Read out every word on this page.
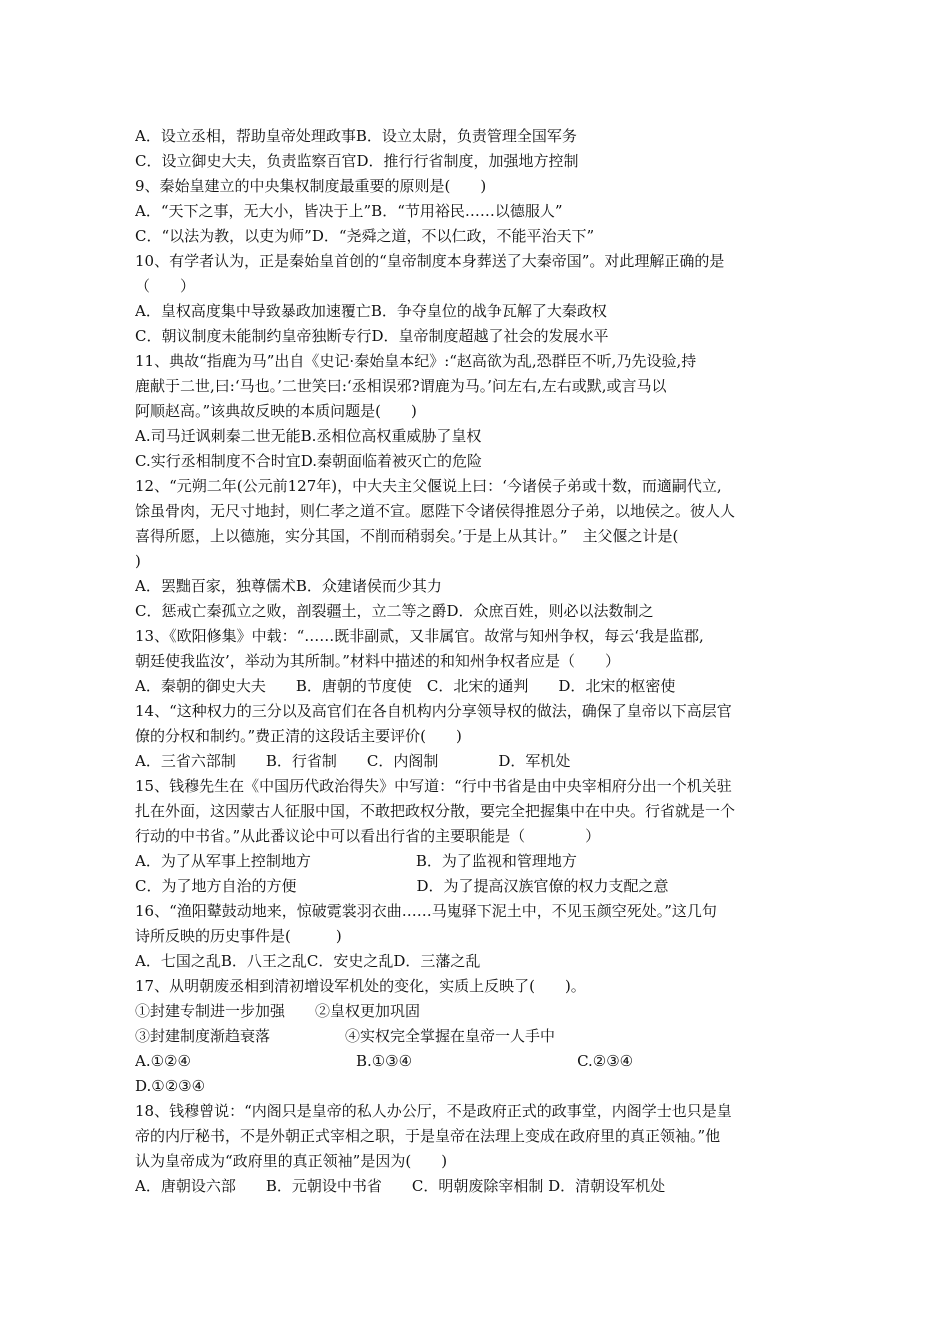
A．设立丞相，帮助皇帝处理政事B．设立太尉，负责管理全国军务
C．设立御史大夫，负责监察百官D．推行行省制度，加强地方控制
9、秦始皇建立的中央集权制度最重要的原则是(　　)
A．“天下之事，无大小，皆决于上”B．“节用裕民……以德服人”
C．“以法为教，以吏为师”D．“尧舜之道，不以仁政，不能平治天下”
10、有学者认为，正是秦始皇首创的“皇帝制度本身葬送了大秦帝国”。对此理解正确的是
（　　）
A．皇权高度集中导致暴政加速覆亡B．争夺皇位的战争瓦解了大秦政权
C．朝议制度未能制约皇帝独断专行D．皇帝制度超越了社会的发展水平
11、典故“指鹿为马”出自《史记·秦始皇本纪》:“赵高欲为乱,恐群臣不听,乃先设验,持
鹿献于二世,曰:‘马也。’二世笑曰:‘丞相误邪?谓鹿为马。’问左右,左右或默,或言马以
阿顺赵高。”该典故反映的本质问题是(　　)
A.司马迁讽刺秦二世无能B.丞相位高权重威胁了皇权
C.实行丞相制度不合时宜D.秦朝面临着被灭亡的危险
12、“元朔二年(公元前127年)，中大夫主父偃说上曰：‘今诸侯子弟或十数，而適嗣代立,
馀虽骨肉，无尺寸地封，则仁孝之道不宣。愿陛下令诸侯得推恩分子弟，以地侯之。彼人人
喜得所愿，上以德施，实分其国，不削而稍弱矣。’于是上从其计。”　主父偃之计是(
)
A．罢黜百家，独尊儒术B．众建诸侯而少其力
C．惩戒亡秦孤立之败，剖裂疆土，立二等之爵D．众庶百姓，则必以法数制之
13、《欧阳修集》中载：“……既非副贰，又非属官。故常与知州争权，每云‘我是监郡,
朝廷使我监汝’，举动为其所制。”材料中描述的和知州争权者应是（　　）
A．秦朝的御史大夫　　B．唐朝的节度使　C．北宋的通判　　D．北宋的枢密使
14、“这种权力的三分以及高官们在各自机构内分享领导权的做法，确保了皇帝以下高层官
僚的分权和制约。”费正清的这段话主要评价(　　)
A．三省六部制　　B．行省制　　C．内阁制　　　　D．军机处
15、钱穆先生在《中国历代政治得失》中写道：“行中书省是由中央宰相府分出一个机关驻
扎在外面，这因蒙古人征服中国，不敢把政权分散，要完全把握集中在中央。行省就是一个
行动的中书省。”从此番议论中可以看出行省的主要职能是（　　　　）
A．为了从军事上控制地方　　　　　　　B．为了监视和管理地方
C．为了地方自治的方便　　　　　　　　D．为了提高汉族官僚的权力支配之意
16、“渔阳鼙鼓动地来，惊破霓裳羽衣曲……马嵬驿下泥土中，不见玉颜空死处。”这几句
诗所反映的历史事件是(　　　)
A．七国之乱B．八王之乱C．安史之乱D．三藩之乱
17、从明朝废丞相到清初增设军机处的变化，实质上反映了(　　)。
①封建专制进一步加强　　②皇权更加巩固
③封建制度渐趋衰落　　　　　④实权完全掌握在皇帝一人手中
A.①②④　　　　　　　　　　　B.①③④　　　　　　　　　　　C.②③④
D.①②③④
18、钱穆曾说：“内阁只是皇帝的私人办公厅，不是政府正式的政事堂，内阁学士也只是皇
帝的内厅秘书，不是外朝正式宰相之职，于是皇帝在法理上变成在政府里的真正领袖。”他
认为皇帝成为“政府里的真正领袖”是因为(　　)
A．唐朝设六部　　B．元朝设中书省　　C．明朝废除宰相制 D．清朝设军机处
